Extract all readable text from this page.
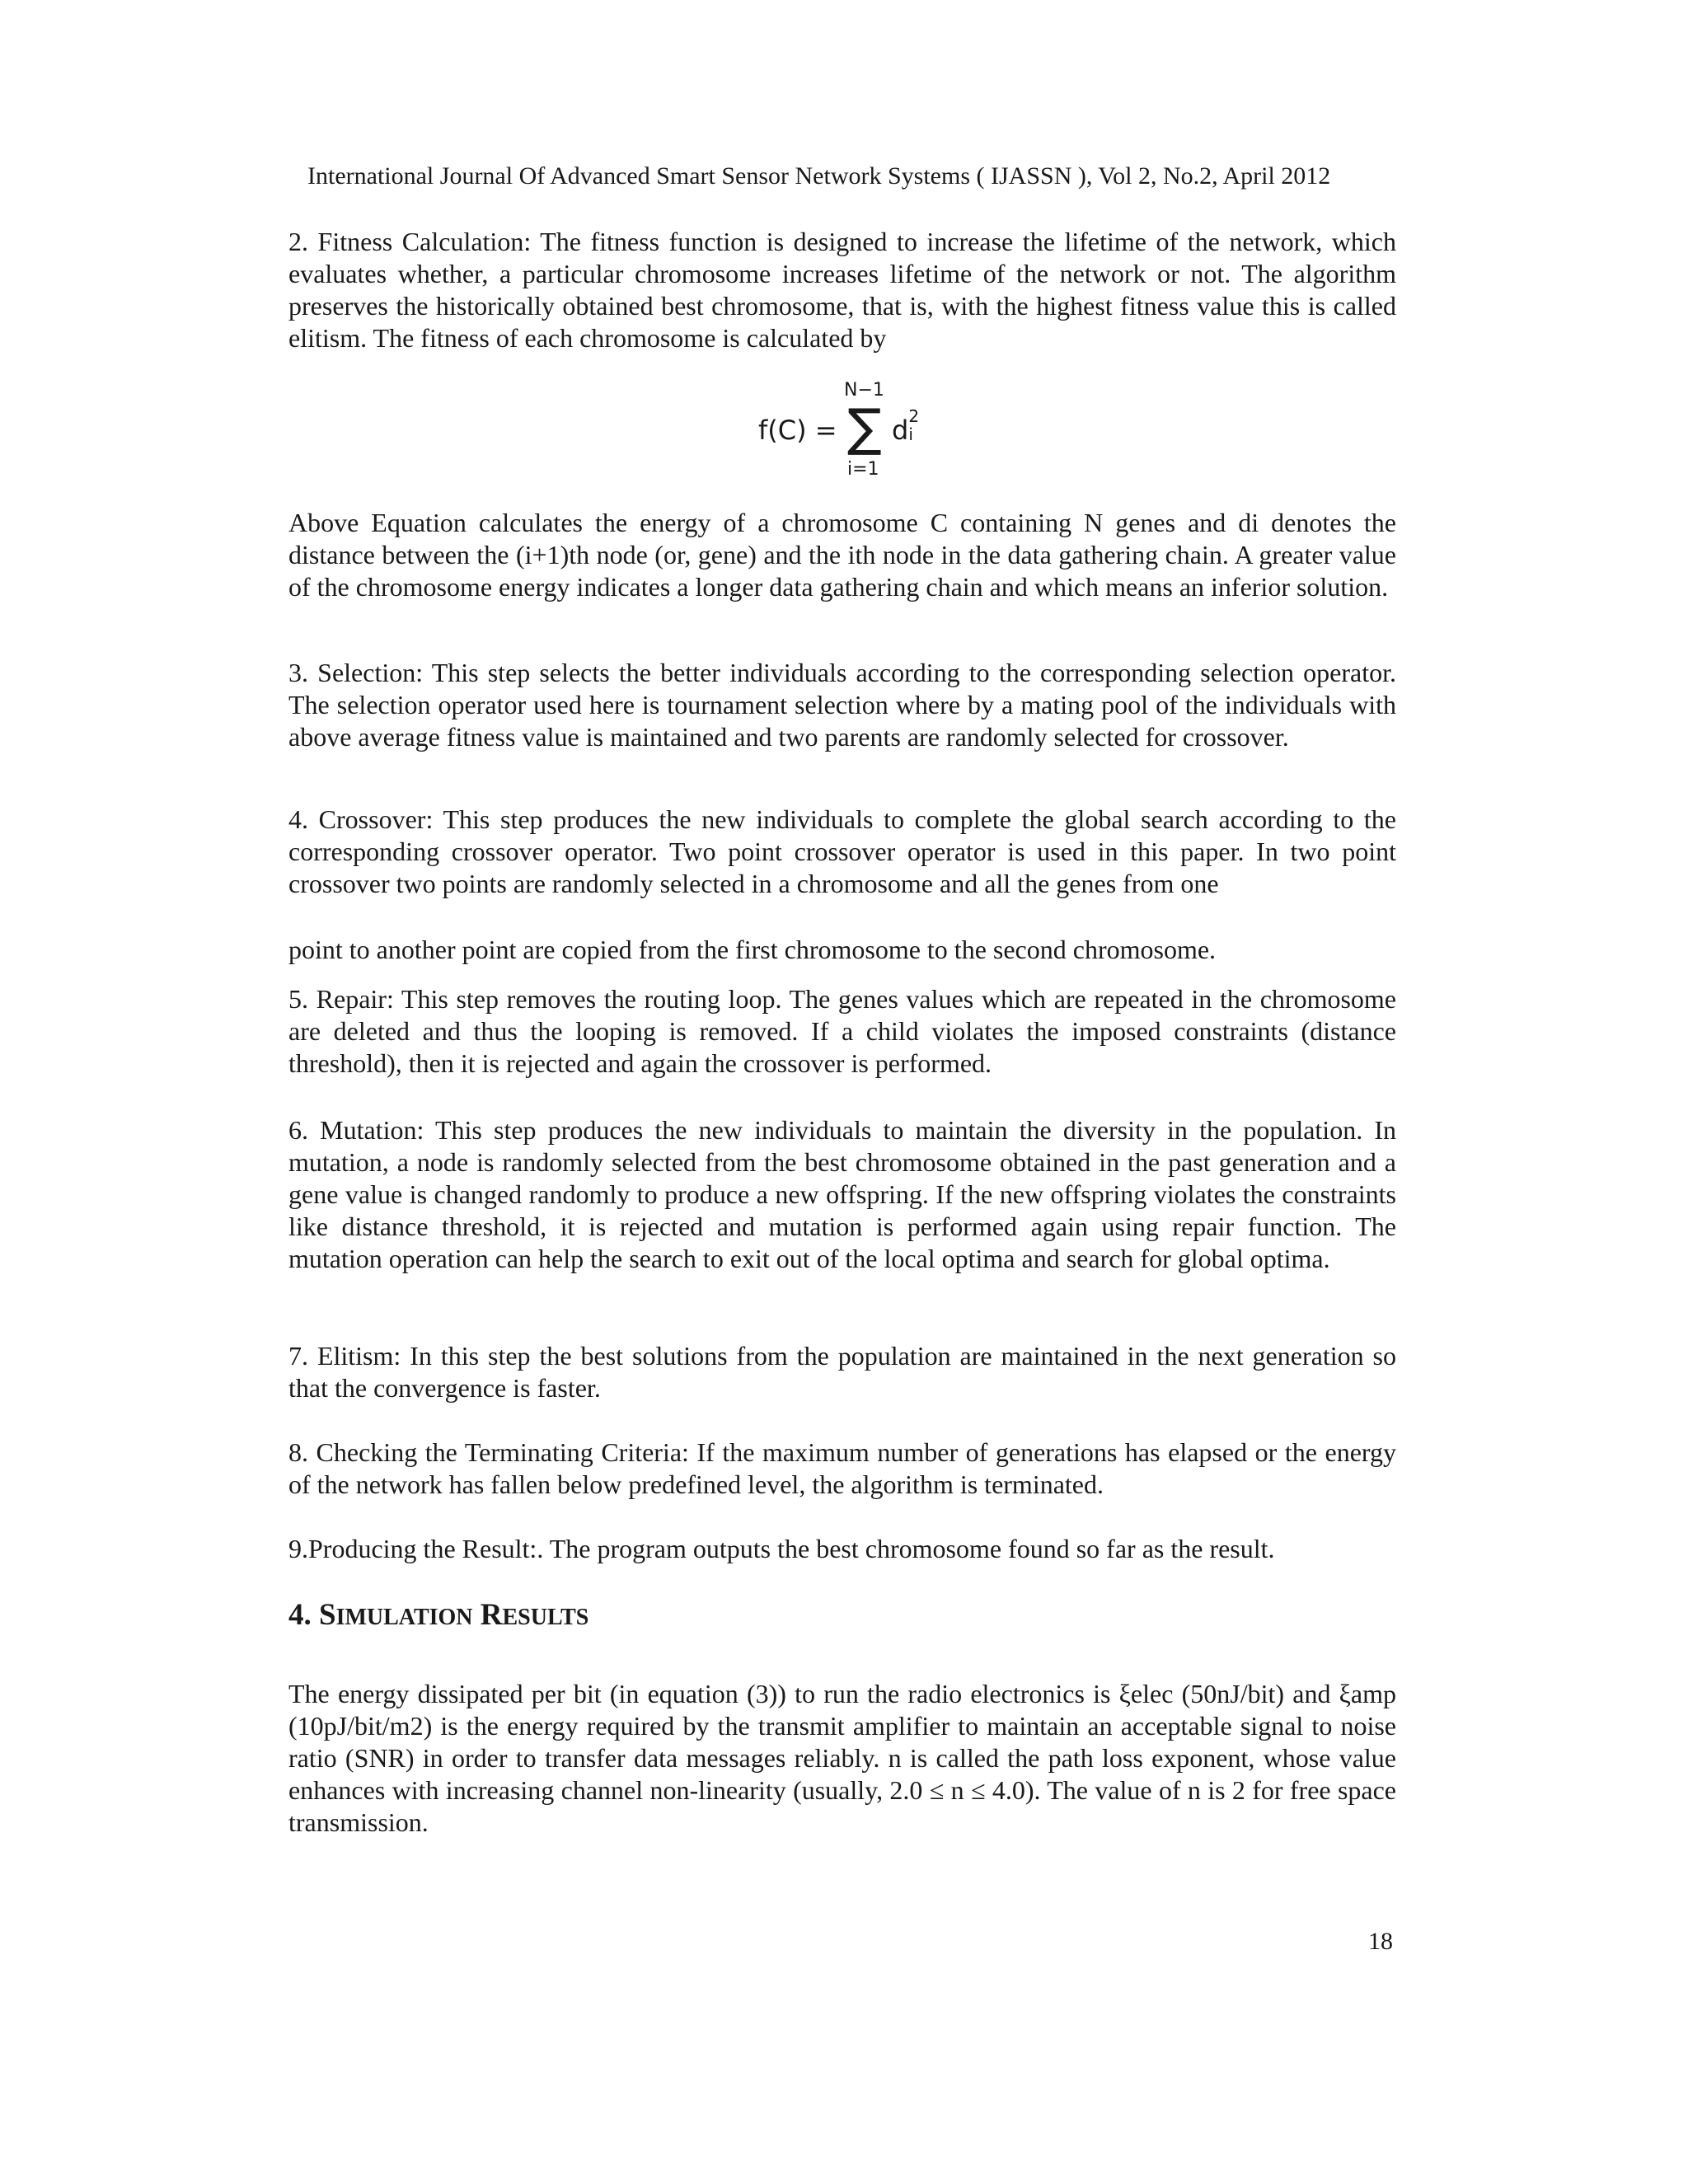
International Journal Of Advanced Smart Sensor Network Systems ( IJASSN ), Vol 2, No.2, April 2012

2. Fitness Calculation: The fitness function is designed to increase the lifetime of the network, which evaluates whether, a particular chromosome increases lifetime of the network or not. The algorithm preserves the historically obtained best chromosome, that is, with the highest fitness value this is called elitism. The fitness of each chromosome is calculated by

f(C) =
N−1
∑
i=1
d 2
i

Above Equation calculates the energy of a chromosome C containing N genes and di denotes the distance between the (i+1)th node (or, gene) and the ith node in the data gathering chain. A greater value of the chromosome energy indicates a longer data gathering chain and which means an inferior solution.

3. Selection: This step selects the better individuals according to the corresponding selection operator. The selection operator used here is tournament selection where by a mating pool of the individuals with above average fitness value is maintained and two parents are randomly selected for crossover.

4. Crossover: This step produces the new individuals to complete the global search according to the corresponding crossover operator. Two point crossover operator is used in this paper. In two point crossover two points are randomly selected in a chromosome and all the genes from one

point to another point are copied from the first chromosome to the second chromosome.

5. Repair: This step removes the routing loop. The genes values which are repeated in the chromosome are deleted and thus the looping is removed. If a child violates the imposed constraints (distance threshold), then it is rejected and again the crossover is performed.

6. Mutation: This step produces the new individuals to maintain the diversity in the population. In mutation, a node is randomly selected from the best chromosome obtained in the past generation and a gene value is changed randomly to produce a new offspring. If the new offspring violates the constraints like distance threshold, it is rejected and mutation is performed again using repair function. The mutation operation can help the search to exit out of the local optima and search for global optima.

7. Elitism: In this step the best solutions from the population are maintained in the next generation so that the convergence is faster.

8. Checking the Terminating Criteria: If the maximum number of generations has elapsed or the energy of the network has fallen below predefined level, the algorithm is terminated.

9.Producing the Result:. The program outputs the best chromosome found so far as the result.

4. SIMULATION RESULTS

The energy dissipated per bit (in equation (3)) to run the radio electronics is ξelec (50nJ/bit) and ξamp (10pJ/bit/m2) is the energy required by the transmit amplifier to maintain an acceptable signal to noise ratio (SNR) in order to transfer data messages reliably. n is called the path loss exponent, whose value enhances with increasing channel non-linearity (usually, 2.0 ≤ n ≤ 4.0). The value of n is 2 for free space transmission.

18
